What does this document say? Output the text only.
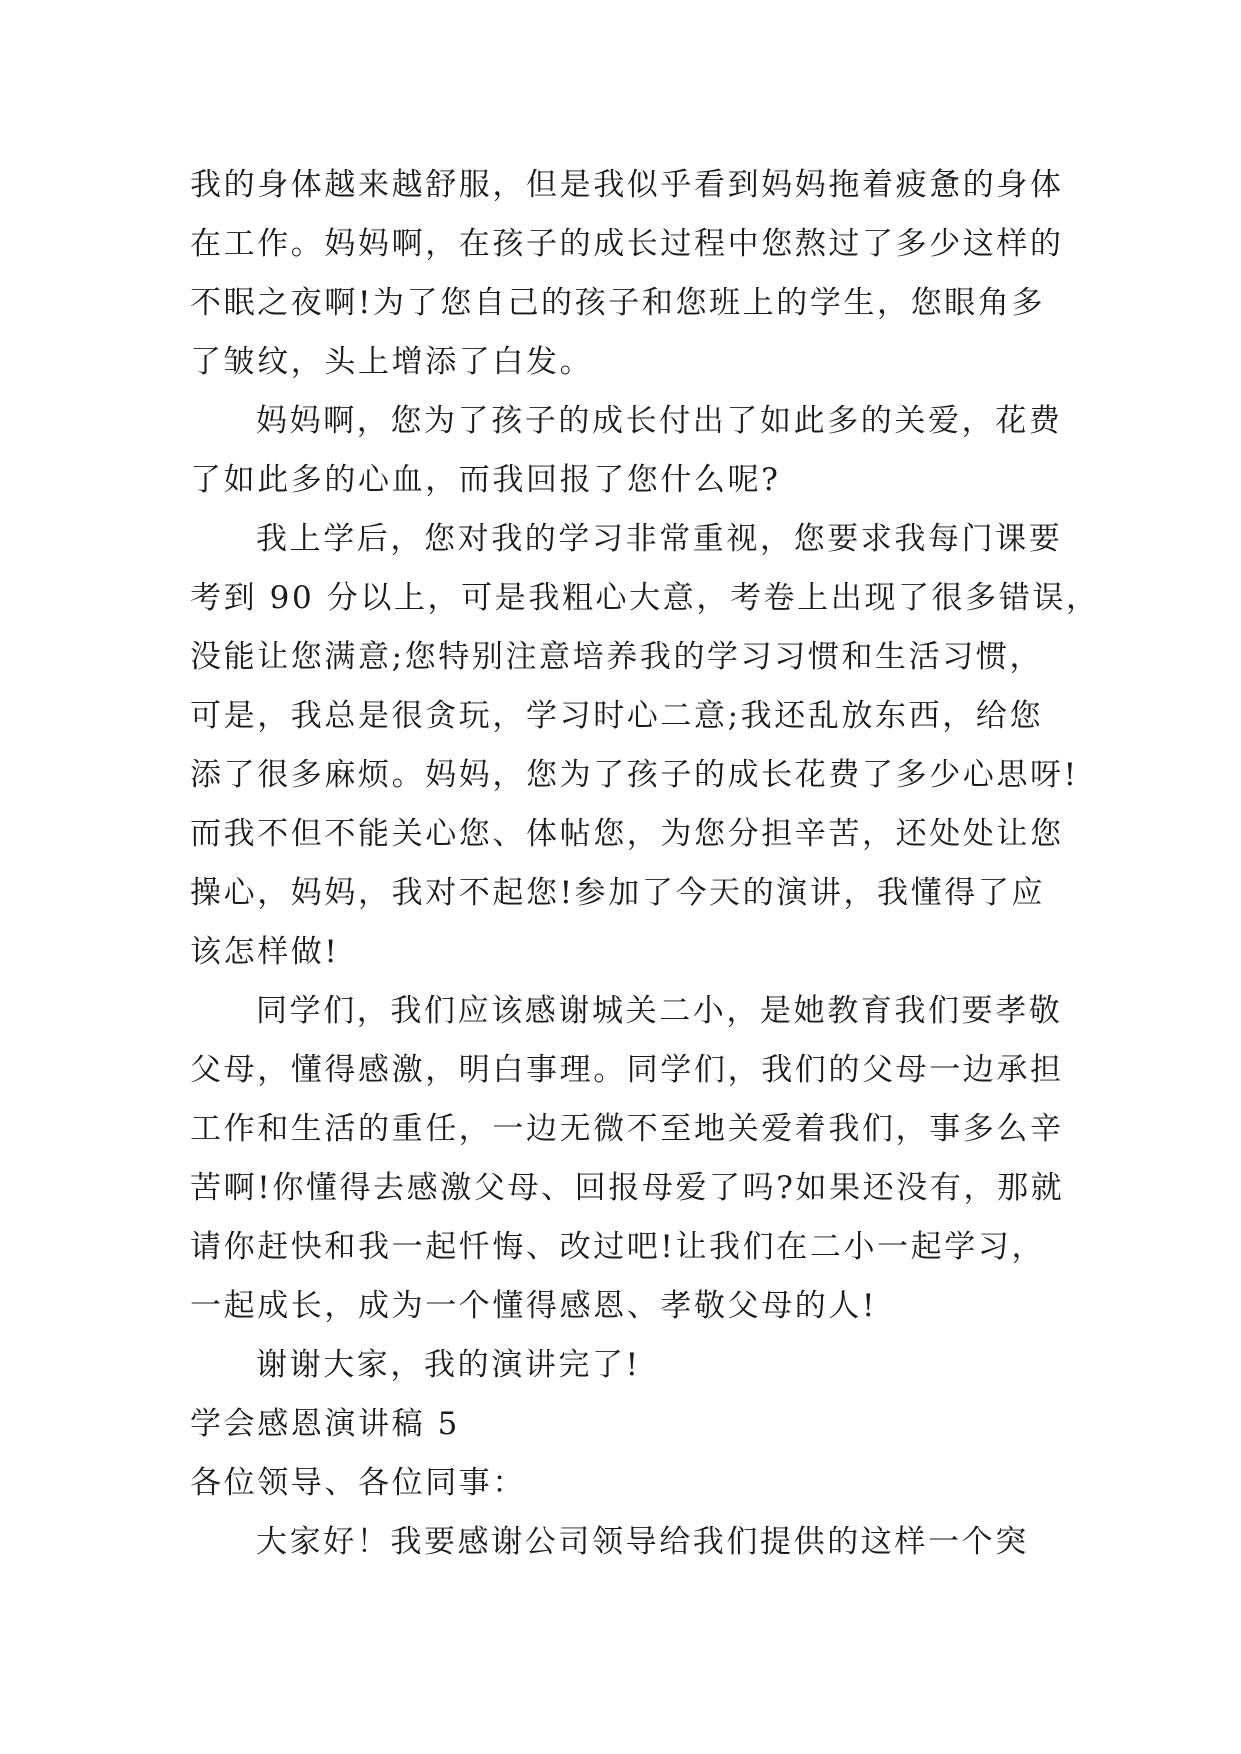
我的身体越来越舒服，但是我似乎看到妈妈拖着疲惫的身体
在工作。妈妈啊，在孩子的成长过程中您熬过了多少这样的
不眠之夜啊!为了您自己的孩子和您班上的学生，您眼角多
了皱纹，头上增添了白发。
妈妈啊，您为了孩子的成长付出了如此多的关爱，花费
了如此多的心血，而我回报了您什么呢?
我上学后，您对我的学习非常重视，您要求我每门课要
考到 90 分以上，可是我粗心大意，考卷上出现了很多错误，
没能让您满意;您特别注意培养我的学习习惯和生活习惯，
可是，我总是很贪玩，学习时心二意;我还乱放东西，给您
添了很多麻烦。妈妈，您为了孩子的成长花费了多少心思呀!
而我不但不能关心您、体帖您，为您分担辛苦，还处处让您
操心，妈妈，我对不起您!参加了今天的演讲，我懂得了应
该怎样做!
同学们，我们应该感谢城关二小，是她教育我们要孝敬
父母，懂得感激，明白事理。同学们，我们的父母一边承担
工作和生活的重任，一边无微不至地关爱着我们，事多么辛
苦啊!你懂得去感激父母、回报母爱了吗?如果还没有，那就
请你赶快和我一起忏悔、改过吧!让我们在二小一起学习，
一起成长，成为一个懂得感恩、孝敬父母的人!
谢谢大家，我的演讲完了!
学会感恩演讲稿 5
各位领导、各位同事：
大家好！我要感谢公司领导给我们提供的这样一个突
